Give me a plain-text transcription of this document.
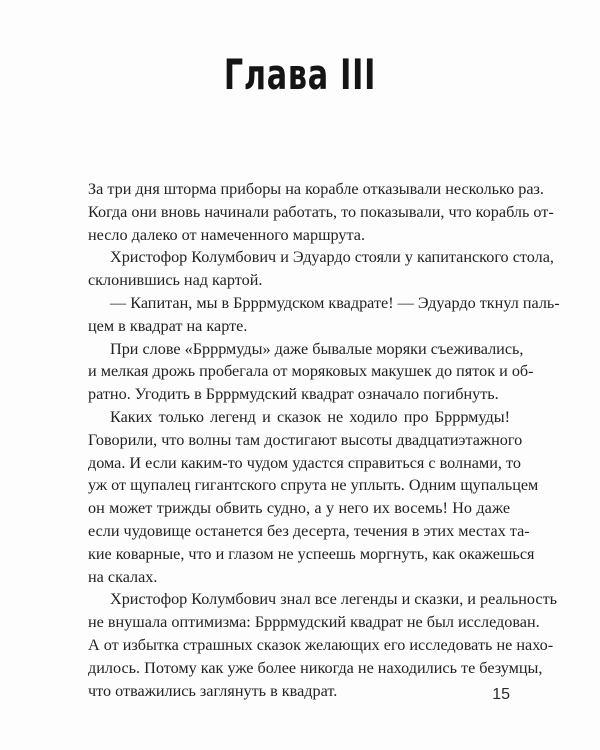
Глава III
За три дня шторма приборы на корабле отказывали несколько раз.
Когда они вновь начинали работать, то показывали, что корабль от-
несло далеко от намеченного маршрута.
Христофор Колумбович и Эдуардо стояли у капитанского стола,
склонившись над картой.
— Капитан, мы в Брррмудском квадрате! — Эдуардо ткнул паль-
цем в квадрат на карте.
При слове «Брррмуды» даже бывалые моряки съеживались,
и мелкая дрожь пробегала от моряковых макушек до пяток и об-
ратно. Угодить в Брррмудский квадрат означало погибнуть.
Каких только легенд и сказок не ходило про Брррмуды!
Говорили, что волны там достигают высоты двадцатиэтажного
дома. И если каким-то чудом удастся справиться с волнами, то
уж от щупалец гигантского спрута не уплыть. Одним щупальцем
он может трижды обвить судно, а у него их восемь! Но даже
если чудовище останется без десерта, течения в этих местах та-
кие коварные, что и глазом не успеешь моргнуть, как окажешься
на скалах.
Христофор Колумбович знал все легенды и сказки, и реальность
не внушала оптимизма: Брррмудский квадрат не был исследован.
А от избытка страшных сказок желающих его исследовать не нахо-
дилось. Потому как уже более никогда не находились те безумцы,
что отважились заглянуть в квадрат.	15
